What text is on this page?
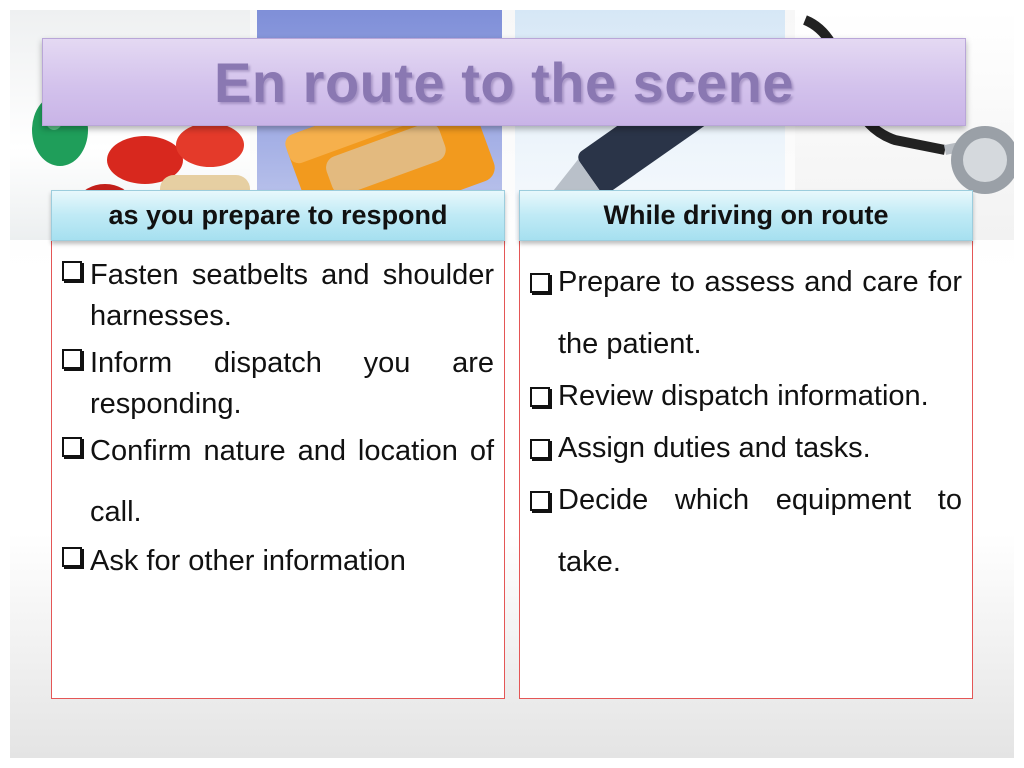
En route to the scene
as you prepare to respond
Fasten seatbelts and shoulder harnesses.
Inform dispatch you are responding.
Confirm nature and location of call.
Ask for other information
While driving on route
Prepare to assess and care for the patient.
Review dispatch information.
Assign duties and tasks.
Decide which equipment to take.
